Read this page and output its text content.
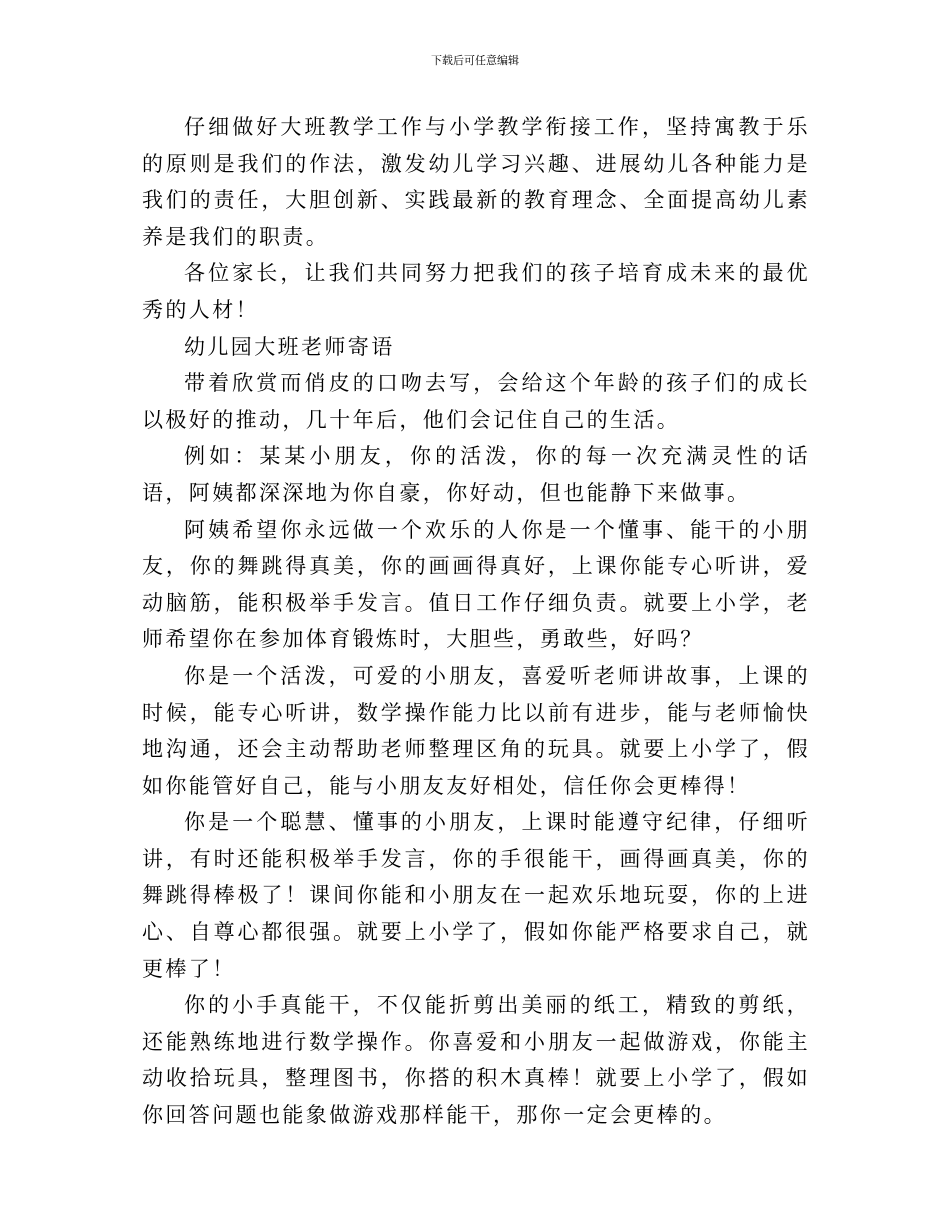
下载后可任意编辑

仔细做好大班教学工作与小学教学衔接工作，坚持寓教于乐的原则是我们的作法，激发幼儿学习兴趣、进展幼儿各种能力是我们的责任，大胆创新、实践最新的教育理念、全面提高幼儿素养是我们的职责。

各位家长，让我们共同努力把我们的孩子培育成未来的最优秀的人材！

幼儿园大班老师寄语

带着欣赏而俏皮的口吻去写，会给这个年龄的孩子们的成长以极好的推动，几十年后，他们会记住自己的生活。

例如：某某小朋友，你的活泼，你的每一次充满灵性的话语，阿姨都深深地为你自豪，你好动，但也能静下来做事。

阿姨希望你永远做一个欢乐的人你是一个懂事、能干的小朋友，你的舞跳得真美，你的画画得真好，上课你能专心听讲，爱动脑筋，能积极举手发言。值日工作仔细负责。就要上小学，老师希望你在参加体育锻炼时，大胆些，勇敢些，好吗？

你是一个活泼，可爱的小朋友，喜爱听老师讲故事，上课的时候，能专心听讲，数学操作能力比以前有进步，能与老师愉快地沟通，还会主动帮助老师整理区角的玩具。就要上小学了，假如你能管好自己，能与小朋友友好相处，信任你会更棒得！

你是一个聪慧、懂事的小朋友，上课时能遵守纪律，仔细听讲，有时还能积极举手发言，你的手很能干，画得画真美，你的舞跳得棒极了！课间你能和小朋友在一起欢乐地玩耍，你的上进心、自尊心都很强。就要上小学了，假如你能严格要求自己，就更棒了！

你的小手真能干，不仅能折剪出美丽的纸工，精致的剪纸，还能熟练地进行数学操作。你喜爱和小朋友一起做游戏，你能主动收拾玩具，整理图书，你搭的积木真棒！就要上小学了，假如你回答问题也能象做游戏那样能干，那你一定会更棒的。
